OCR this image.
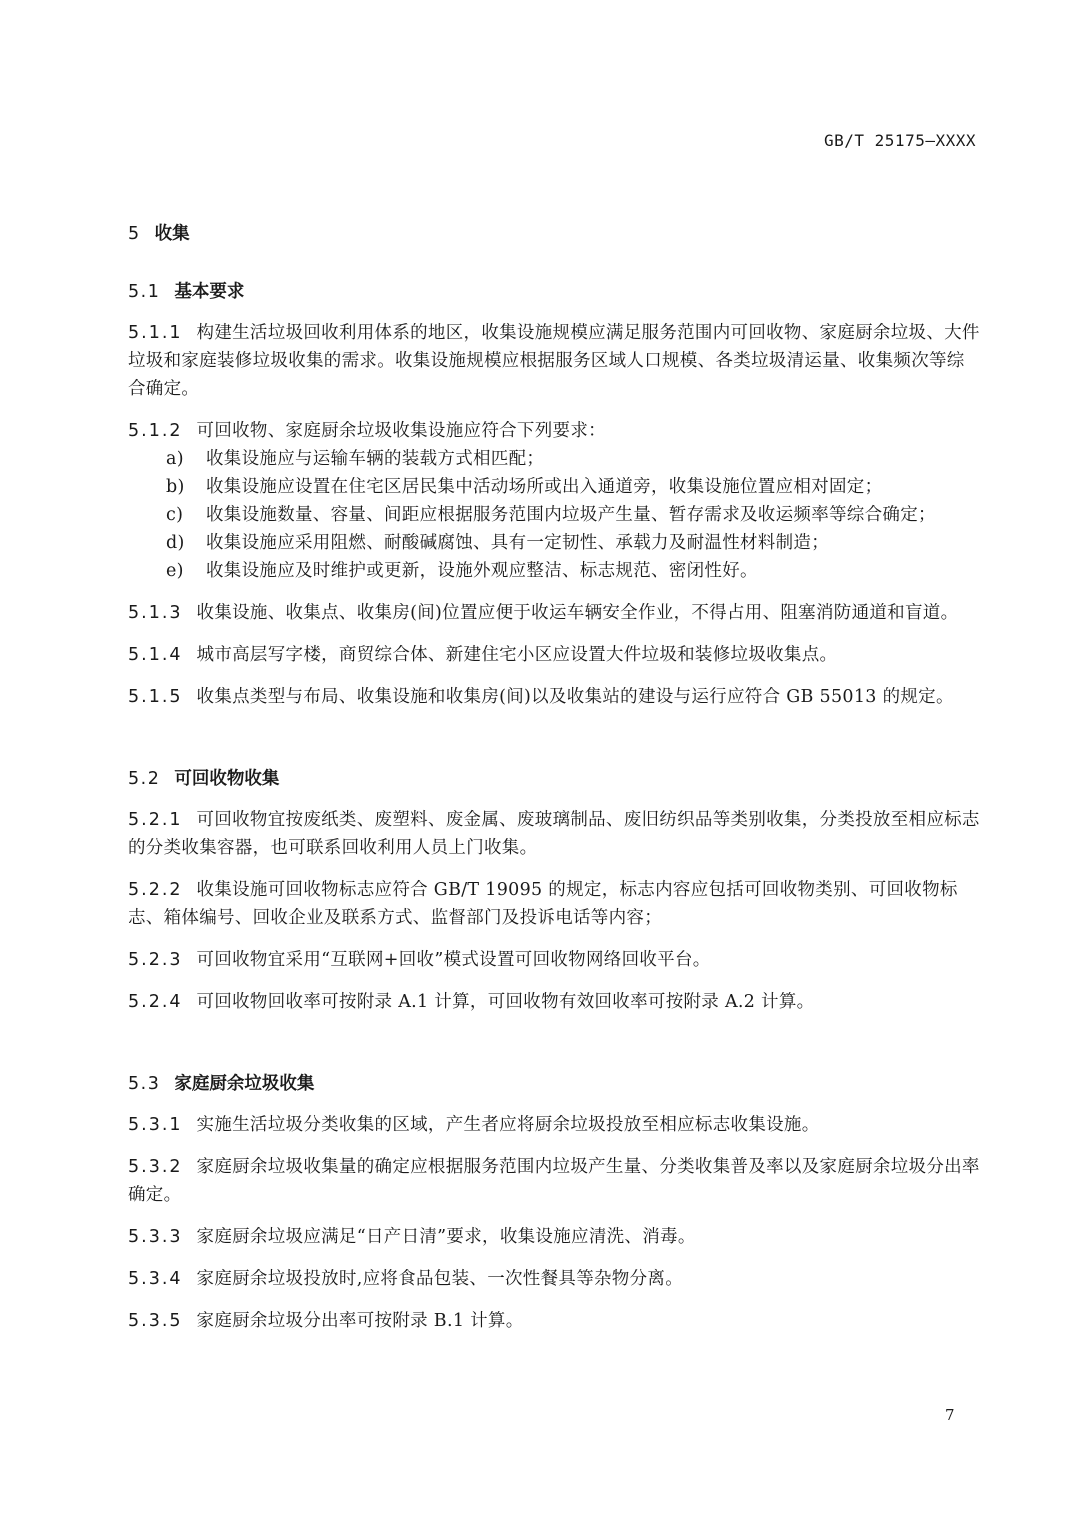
GB/T 25175—XXXX
5 收集
5.1 基本要求

5.1.1 构建生活垃圾回收利用体系的地区，收集设施规模应满足服务范围内可回收物、家庭厨余垃圾、大件垃圾和家庭装修垃圾收集的需求。收集设施规模应根据服务区域人口规模、各类垃圾清运量、收集频次等综合确定。

5.1.2 可回收物、家庭厨余垃圾收集设施应符合下列要求：

a) 收集设施应与运输车辆的装载方式相匹配；
b) 收集设施应设置在住宅区居民集中活动场所或出入通道旁，收集设施位置应相对固定；
c) 收集设施数量、容量、间距应根据服务范围内垃圾产生量、暂存需求及收运频率等综合确定；
d) 收集设施应采用阻燃、耐酸碱腐蚀、具有一定韧性、承载力及耐温性材料制造；
e) 收集设施应及时维护或更新，设施外观应整洁、标志规范、密闭性好。

5.1.3 收集设施、收集点、收集房(间)位置应便于收运车辆安全作业，不得占用、阻塞消防通道和盲道。

5.1.4 城市高层写字楼，商贸综合体、新建住宅小区应设置大件垃圾和装修垃圾收集点。

5.1.5 收集点类型与布局、收集设施和收集房(间)以及收集站的建设与运行应符合 GB 55013 的规定。

5.2 可回收物收集

5.2.1 可回收物宜按废纸类、废塑料、废金属、废玻璃制品、废旧纺织品等类别收集，分类投放至相应标志的分类收集容器，也可联系回收利用人员上门收集。

5.2.2 收集设施可回收物标志应符合 GB/T 19095 的规定，标志内容应包括可回收物类别、可回收物标志、箱体编号、回收企业及联系方式、监督部门及投诉电话等内容；

5.2.3 可回收物宜采用“互联网+回收”模式设置可回收物网络回收平台。

5.2.4 可回收物回收率可按附录 A.1 计算，可回收物有效回收率可按附录 A.2 计算。

5.3 家庭厨余垃圾收集

5.3.1 实施生活垃圾分类收集的区域，产生者应将厨余垃圾投放至相应标志收集设施。

5.3.2 家庭厨余垃圾收集量的确定应根据服务范围内垃圾产生量、分类收集普及率以及家庭厨余垃圾分出率确定。

5.3.3 家庭厨余垃圾应满足“日产日清”要求，收集设施应清洗、消毒。

5.3.4 家庭厨余垃圾投放时,应将食品包装、一次性餐具等杂物分离。

5.3.5 家庭厨余垃圾分出率可按附录 B.1 计算。

7
